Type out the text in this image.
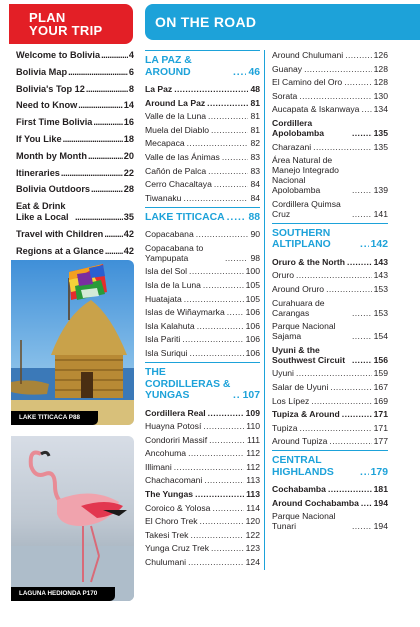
PLAN
YOUR TRIP
ON THE ROAD
Welcome to Bolivia . . .	4
Bolivia Map . . .	6
Bolivia's Top 12 . . .	8
Need to Know . . .	14
First Time Bolivia . . .	16
If You Like . . .	18
Month by Month . . .	20
Itineraries . . .	22
Bolivia Outdoors . . .	28
Eat & Drink Like a Local . . .	35
Travel with Children . . . 42
Regions at a Glance . . . 42
LAKE TITICACA P88
LAGUNA HEDIONDA P170
LA PAZ & AROUND . . .	46
La Paz . . .	48
Around La Paz . . .	81
Valle de la Luna . . .	81
Muela del Diablo . . .	81
Mecapaca . . .	82
Valle de las Ánimas . . .	83
Cañón de Palca . . .	83
Cerro Chacaltaya . . .	84
Tiwanaku . . .	84
LAKE TITICACA . . . 88
Copacabana . . .	90
Copacabana to Yampupata . . .	98
Isla del Sol . . .	100
Isla de la Luna . . .	105
Huatajata . . .	105
Islas de Wiñaymarka . . . 106
Isla Kalahuta . . .	106
Isla Pariti . . .	106
Isla Suriqui . . .	106
THE CORDILLERAS & YUNGAS . . .	107
Cordillera Real . . .	109
Huayna Potosí . . .	110
Condoriri Massif . . .	111
Ancohuma . . .	112
Illimani . . .	112
Chachacomani . . .	113
The Yungas . . .	113
Coroico & Yolosa . . .	114
El Choro Trek . . .	120
Takesi Trek . . .	122
Yunga Cruz Trek . . .	123
Chulumani . . .	124
Around Chulumani . . .	126
Guanay . . .	128
El Camino del Oro . . .	128
Sorata . . .	130
Aucapata & Iskanwaya . . . 134
Cordillera Apolobamba . . .	135
Charazani . . .	135
Área Natural de Manejo Integrado Nacional Apolobamba . . .	139
Cordillera Quimsa Cruz . . .	141
SOUTHERN ALTIPLANO . . .	142
Oruro & the North . . .	143
Oruro . . .	143
Around Oruro . . .	153
Curahuara de Carangas . . .	153
Parque Nacional Sajama . . .	154
Uyuni & the Southwest Circuit . . .	156
Uyuni . . .	159
Salar de Uyuni . . .	167
Los Lípez . . .	169
Tupiza & Around . . .	171
Tupiza . . .	171
Around Tupiza . . .	177
CENTRAL HIGHLANDS . . .	179
Cochabamba . . .	181
Around Cochabamba . . . 194
Parque Nacional Tunari . . .	194
